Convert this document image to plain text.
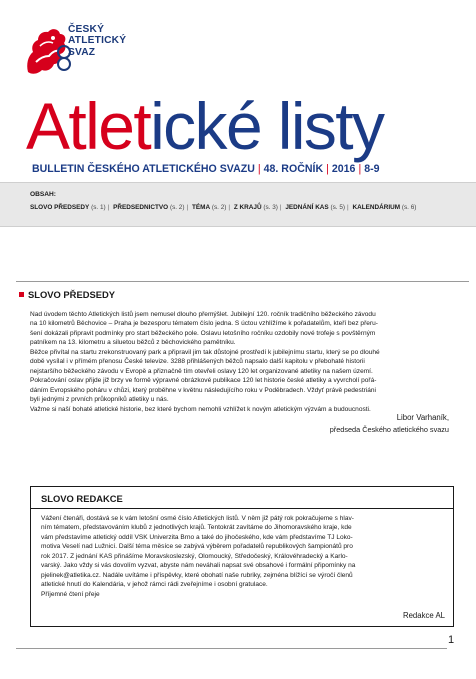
ČESKÝ
ATLETICKÝ
SVAZ
Atletické listy
BULLETIN ČESKÉHO ATLETICKÉHO SVAZU | 48. ROČNÍK | 2016 | 8-9
OBSAH:
SLOVO PŘEDSEDY (s. 1) | PŘEDSEDNICTVO (s. 2) | TÉMA (s. 2) | Z KRAJŮ (s. 3) | JEDNÁNÍ KAS (s. 5) | KALENDÁRIUM (s. 6)
SLOVO PŘEDSEDY
Nad úvodem těchto Atletických listů jsem nemusel dlouho přemýšlet. Jubilejní 120. ročník tradičního běžeckého závodu
na 10 kilometrů Běchovice – Praha je bezesporu tématem číslo jedna. S úctou vzhlížíme k pořadatelům, kteří bez přeru-
šení dokázali připravit podmínky pro start běžeckého pole. Oslavu letošního ročníku ozdobily nové trofeje s povštěrným
patníkem na 13. kilometru a siluetou běžců z běchovického pamětníku.
Běžce přivítal na startu zrekonstruovaný park a připravil jim tak důstojné prostředí k jubilejnímu startu, který se po dlouhé
době vysílal i v přímém přenosu České televize. 3288 přihlášených běžců napsalo další kapitolu v přebohaté historii
nejstaršího běžeckého závodu v Evropě a přiznačně tím otevřeli oslavy 120 let organizované atletiky na našem území.
Pokračování oslav přijde již brzy ve formě výpravné obrázkové publikace 120 let historie české atletiky a vyvrcholí pořá-
dáním Evropského poháru v chůzi, který proběhne v květnu následujícího roku v Poděbradech. Vždyť právě pedestriáni
byli jednými z prvních průkopníků atletiky u nás.
Važme si naší bohaté atletické historie, bez které bychom nemohli vzhlížet k novým atletickým výzvám a budoucnosti.
Libor Varhaník,
předseda Českého atletického svazu
SLOVO REDAKCE
Vážení čtenáři, dostává se k vám letošní osmé číslo Atletických listů. V něm již pátý rok pokračujeme s hlav-
ním tématem, představováním klubů z jednotlivých krajů. Tentokrát zavítáme do Jihomoravského kraje, kde
vám představíme atletický oddíl VSK Univerzita Brno a také do jihočeského, kde vám představíme TJ Loko-
motiva Veselí nad Lužnicí. Další téma měsíce se zabývá výběrem pořadatelů republikových šampionátů pro
rok 2017. Z jednání KAS přinášíme Moravskoslezský, Olomoucký, Středočeský, Královéhradecký a Karlo-
varský. Jako vždy si vás dovolím vyzvat, abyste nám neváhali napsat své obsahové i formální připomínky na
pjelinek@atletika.cz. Nadále uvítáme i příspěvky, které obohatí naše rubriky, zejména blížící se výročí členů
atletické hnutí do Kalendária, v jehož rámci rádi zveřejníme i osobní gratulace.
Příjemné čtení přeje
Redakce AL
1
